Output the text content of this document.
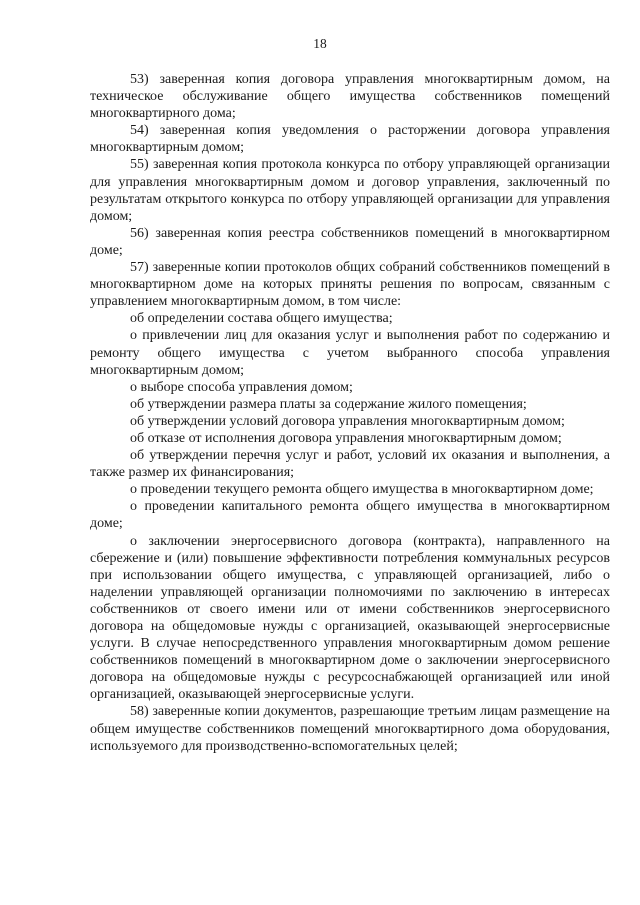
18

53) заверенная копия договора управления многоквартирным домом, на техническое обслуживание общего имущества собственников помещений многоквартирного дома;

54) заверенная копия уведомления о расторжении договора управления многоквартирным домом;

55) заверенная копия протокола конкурса по отбору управляющей организации для управления многоквартирным домом и договор управления, заключенный по результатам открытого конкурса по отбору управляющей организации для управления домом;

56) заверенная копия реестра собственников помещений в многоквартирном доме;

57) заверенные копии протоколов общих собраний собственников помещений в многоквартирном доме на которых приняты решения по вопросам, связанным с управлением многоквартирным домом, в том числе:

об определении состава общего имущества;

о привлечении лиц для оказания услуг и выполнения работ по содержанию и ремонту общего имущества с учетом выбранного способа управления многоквартирным домом;

о выборе способа управления домом;

об утверждении размера платы за содержание жилого помещения;

об утверждении условий договора управления многоквартирным домом;

об отказе от исполнения договора управления многоквартирным домом;

об утверждении перечня услуг и работ, условий их оказания и выполнения, а также размер их финансирования;

о проведении текущего ремонта общего имущества в многоквартирном доме;

о проведении капитального ремонта общего имущества в многоквартирном доме;

о заключении энергосервисного договора (контракта), направленного на сбережение и (или) повышение эффективности потребления коммунальных ресурсов при использовании общего имущества, с управляющей организацией, либо о наделении управляющей организации полномочиями по заключению в интересах собственников от своего имени или от имени собственников энергосервисного договора на общедомовые нужды с организацией, оказывающей энергосервисные услуги. В случае непосредственного управления многоквартирным домом решение собственников помещений в многоквартирном доме о заключении энергосервисного договора на общедомовые нужды с ресурсоснабжающей организацией или иной организацией, оказывающей энергосервисные услуги.

58) заверенные копии документов, разрешающие третьим лицам размещение на общем имуществе собственников помещений многоквартирного дома оборудования, используемого для производственно-вспомогательных целей;
